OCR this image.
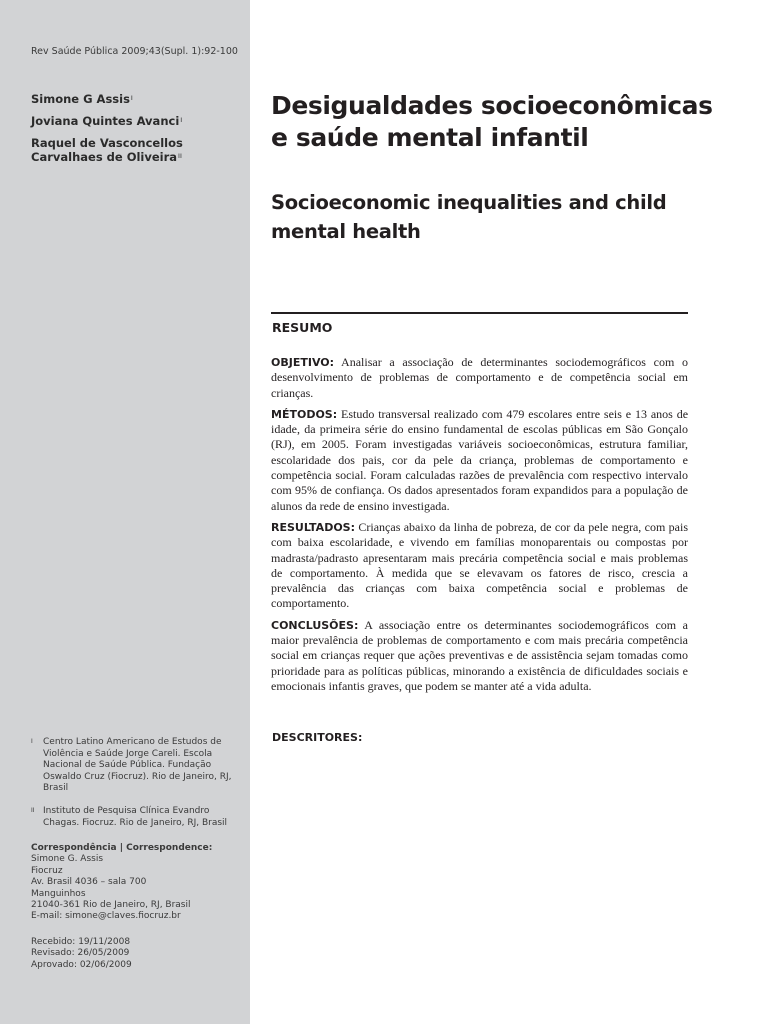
Rev Saúde Pública 2009;43(Supl. 1):92-100
Simone G Assis$^I$
Joviana Quintes Avanci$^I$
Raquel de Vasconcellos
Carvalhaes de Oliveira$^{II}$
I Centro Latino Americano de Estudos de
Violência e Saúde Jorge Careli. Escola
Nacional de Saúde Pública. Fundação
Oswaldo Cruz (Fiocruz). Rio de Janeiro, RJ,
Brasil
II Instituto de Pesquisa Clínica Evandro
Chagas. Fiocruz. Rio de Janeiro, RJ, Brasil
Correspondência | Correspondence:
Simone G. Assis
Fiocruz
Av. Brasil 4036 – sala 700
Manguinhos
21040-361 Rio de Janeiro, RJ, Brasil
E-mail: simone@claves.fiocruz.br
Recebido: 19/11/2008
Revisado: 26/05/2009
Aprovado: 02/06/2009
Desigualdades socioeconômicas
e saúde mental infantil
Socioeconomic inequalities and child
mental health
RESUMO

OBJETIVO: Analisar a associação de determinantes sociodemográficos com o desenvolvimento de problemas de comportamento e de competência social em crianças.

MÉTODOS: Estudo transversal realizado com 479 escolares entre seis e 13 anos de idade, da primeira série do ensino fundamental de escolas públicas em São Gonçalo (RJ), em 2005. Foram investigadas variáveis socioeconômicas, estrutura familiar, escolaridade dos pais, cor da pele da criança, problemas de comportamento e competência social. Foram calculadas razões de prevalência com respectivo intervalo com 95% de confiança. Os dados apresentados foram expandidos para a população de alunos da rede de ensino investigada.

RESULTADOS: Crianças abaixo da linha de pobreza, de cor da pele negra, com pais com baixa escolaridade, e vivendo em famílias monoparentais ou compostas por madrasta/padrasto apresentaram mais precária competência social e mais problemas de comportamento. À medida que se elevavam os fatores de risco, crescia a prevalência das crianças com baixa competência social e problemas de comportamento.

CONCLUSÕES: A associação entre os determinantes sociodemográficos com a maior prevalência de problemas de comportamento e com mais precária competência social em crianças requer que ações preventivas e de assistência sejam tomadas como prioridade para as políticas públicas, minorando a existência de dificuldades sociais e emocionais infantis graves, que podem se manter até a vida adulta.

DESCRITORES:
